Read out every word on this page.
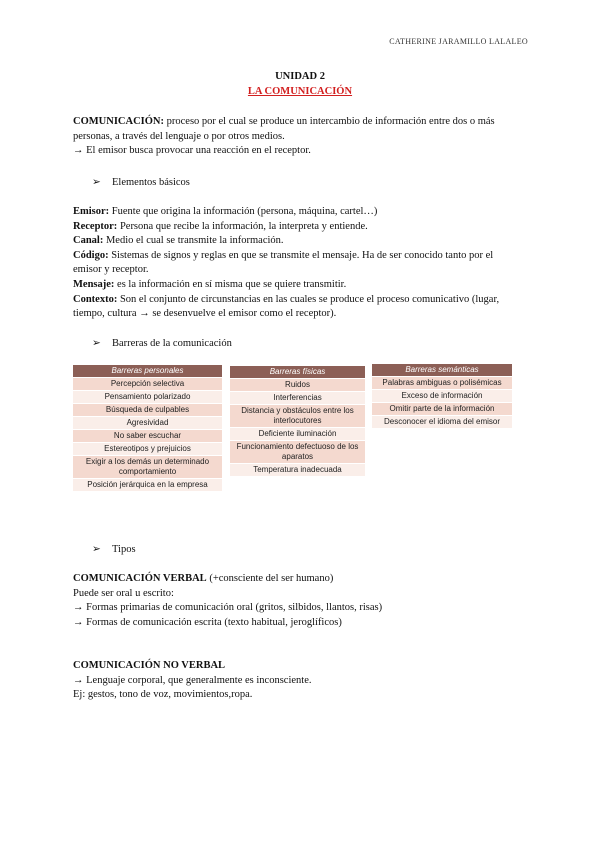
CATHERINE JARAMILLO LALALEO
UNIDAD 2
LA COMUNICACIÓN
COMUNICACIÓN: proceso por el cual se produce un intercambio de información entre dos o más
personas, a través del lenguaje o por otros medios.
→ El emisor busca provocar una reacción en el receptor.
➢ Elementos básicos
Emisor: Fuente que origina la información (persona, máquina, cartel…)
Receptor: Persona que recibe la información, la interpreta y entiende.
Canal: Medio el cual se transmite la información.
Código: Sistemas de signos y reglas en que se transmite el mensaje. Ha de ser conocido tanto por el
emisor y receptor.
Mensaje: es la información en sí misma que se quiere transmitir.
Contexto: Son el conjunto de circunstancias en las cuales se produce el proceso comunicativo (lugar,
tiempo, cultura → se desenvuelve el emisor como el receptor).
➢ Barreras de la comunicación
Barreras personales
Percepción selectiva
Pensamiento polarizado
Búsqueda de culpables
Agresividad
No saber escuchar
Estereotipos y prejuicios
Exigir a los demás un determinado comportamiento
Posición jerárquica en la empresa
Barreras físicas
Ruidos
Interferencias
Distancia y obstáculos entre los interlocutores
Deficiente iluminación
Funcionamiento defectuoso de los aparatos
Temperatura inadecuada
Barreras semánticas
Palabras ambiguas o polisémicas
Exceso de información
Omitir parte de la información
Desconocer el idioma del emisor
➢ Tipos
COMUNICACIÓN VERBAL (+consciente del ser humano)
Puede ser oral u escrito:
→ Formas primarias de comunicación oral (gritos, silbidos, llantos, risas)
→ Formas de comunicación escrita (texto habitual, jeroglíficos)
COMUNICACIÓN NO VERBAL
→ Lenguaje corporal, que generalmente es inconsciente.
Ej: gestos, tono de voz, movimientos,ropa.
